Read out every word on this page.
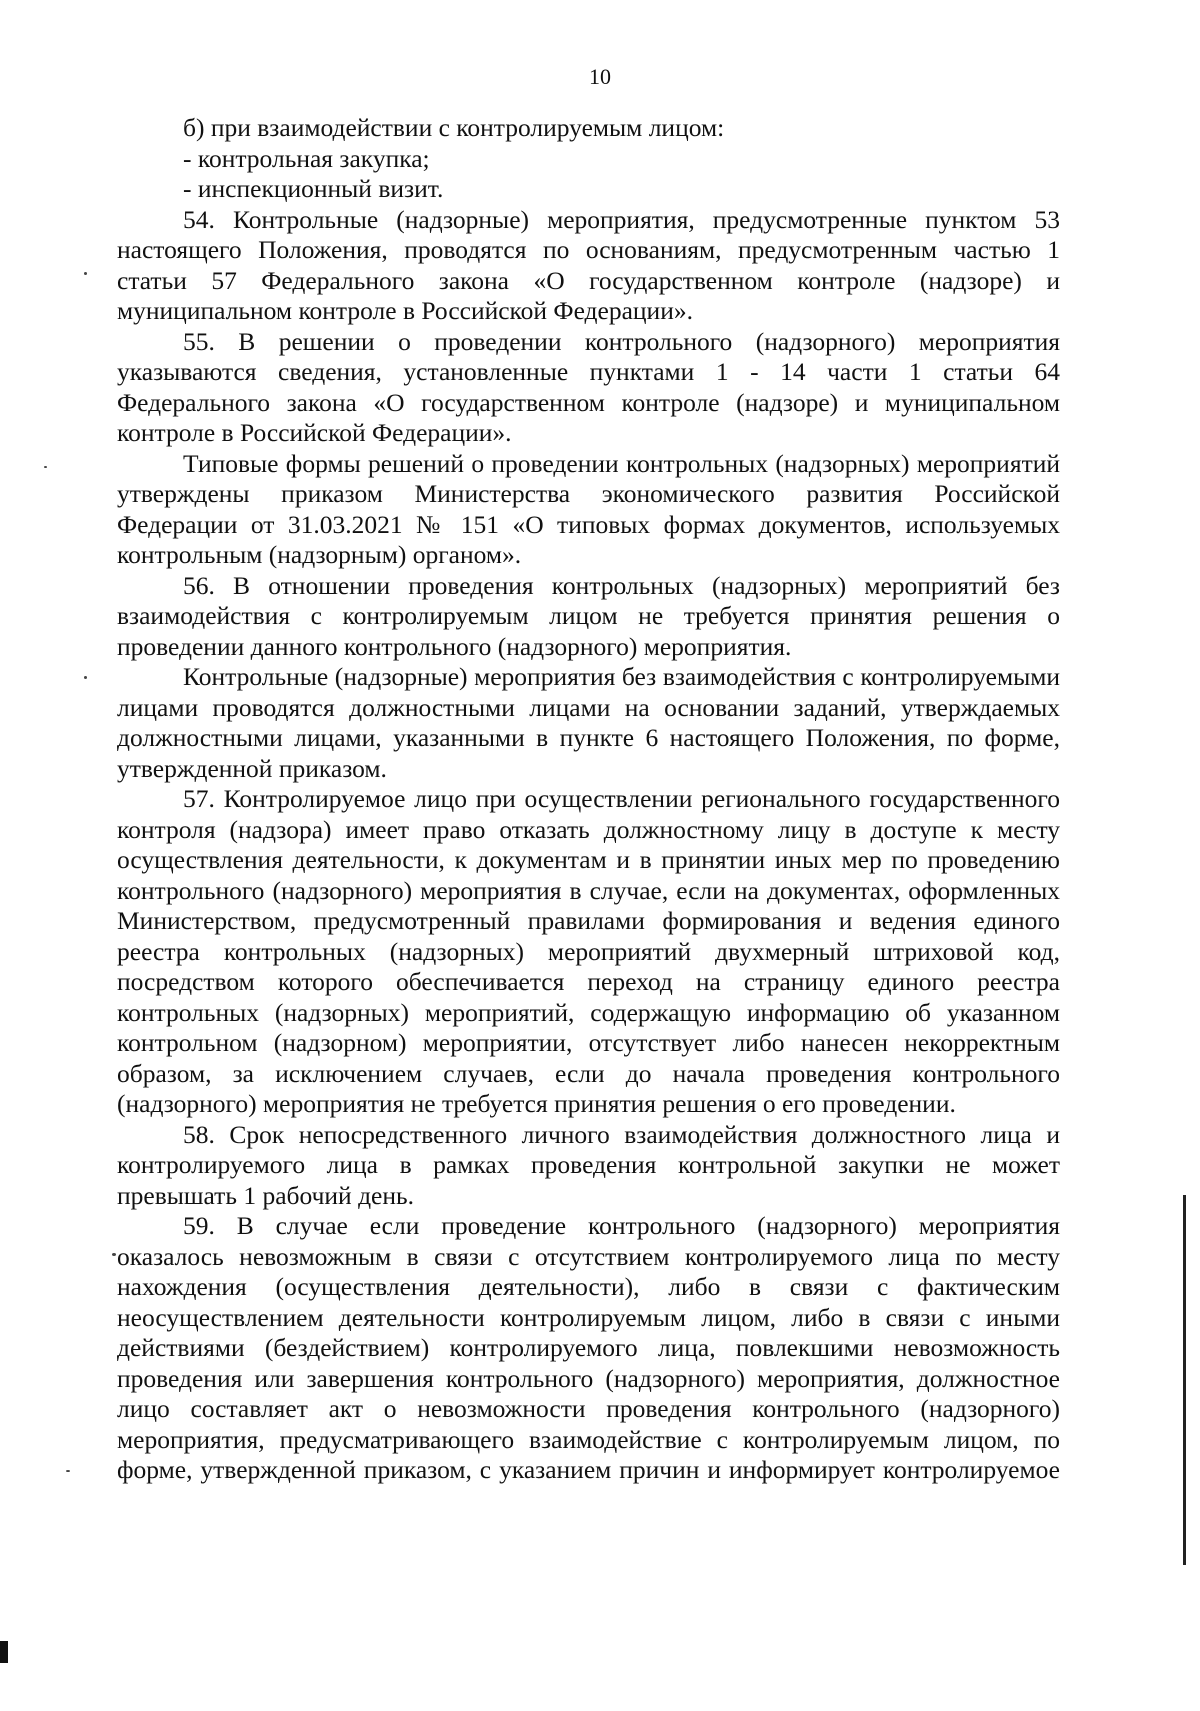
10

б) при взаимодействии с контролируемым лицом:

- контрольная закупка;

- инспекционный визит.

54. Контрольные (надзорные) мероприятия, предусмотренные пунктом 53 настоящего Положения, проводятся по основаниям, предусмотренным частью 1 статьи 57 Федерального закона «О государственном контроле (надзоре) и муниципальном контроле в Российской Федерации».

55. В решении о проведении контрольного (надзорного) мероприятия указываются сведения, установленные пунктами 1 - 14 части 1 статьи 64 Федерального закона «О государственном контроле (надзоре) и муниципальном контроле в Российской Федерации».

Типовые формы решений о проведении контрольных (надзорных) мероприятий утверждены приказом Министерства экономического развития Российской Федерации от 31.03.2021 № 151 «О типовых формах документов, используемых контрольным (надзорным) органом».

56. В отношении проведения контрольных (надзорных) мероприятий без взаимодействия с контролируемым лицом не требуется принятия решения о проведении данного контрольного (надзорного) мероприятия.

Контрольные (надзорные) мероприятия без взаимодействия с контролируемыми лицами проводятся должностными лицами на основании заданий, утверждаемых должностными лицами, указанными в пункте 6 настоящего Положения, по форме, утвержденной приказом.

57. Контролируемое лицо при осуществлении регионального государственного контроля (надзора) имеет право отказать должностному лицу в доступе к месту осуществления деятельности, к документам и в принятии иных мер по проведению контрольного (надзорного) мероприятия в случае, если на документах, оформленных Министерством, предусмотренный правилами формирования и ведения единого реестра контрольных (надзорных) мероприятий двухмерный штриховой код, посредством которого обеспечивается переход на страницу единого реестра контрольных (надзорных) мероприятий, содержащую информацию об указанном контрольном (надзорном) мероприятии, отсутствует либо нанесен некорректным образом, за исключением случаев, если до начала проведения контрольного (надзорного) мероприятия не требуется принятия решения о его проведении.

58. Срок непосредственного личного взаимодействия должностного лица и контролируемого лица в рамках проведения контрольной закупки не может превышать 1 рабочий день.

59. В случае если проведение контрольного (надзорного) мероприятия оказалось невозможным в связи с отсутствием контролируемого лица по месту нахождения (осуществления деятельности), либо в связи с фактическим неосуществлением деятельности контролируемым лицом, либо в связи с иными действиями (бездействием) контролируемого лица, повлекшими невозможность проведения или завершения контрольного (надзорного) мероприятия, должностное лицо составляет акт о невозможности проведения контрольного (надзорного) мероприятия, предусматривающего взаимодействие с контролируемым лицом, по форме, утвержденной приказом, с указанием причин и информирует контролируемое
